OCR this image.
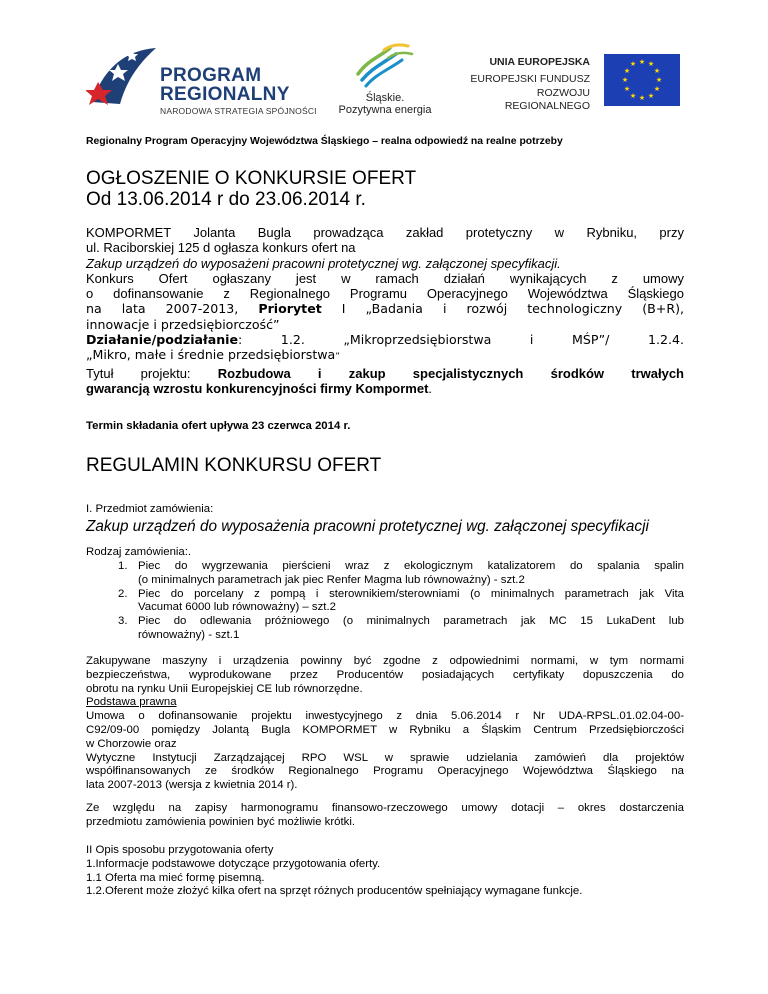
PROGRAM
REGIONALNY
NARODOWA STRATEGIA SPÓJNOŚCI
Śląskie.
Pozytywna energia
UNIA EUROPEJSKA
EUROPEJSKI FUNDUSZ
ROZWOJU REGIONALNEGO
★ ★
★
★
★
★
★
★
★
★
★
★
Regionalny Program Operacyjny Województwa Śląskiego – realna odpowiedź na realne potrzeby
OGŁOSZENIE O KONKURSIE OFERT
Od 13.06.2014 r do 23.06.2014 r.
KOMPORMET Jolanta Bugla prowadząca zakład protetyczny w Rybniku, przy
ul. Raciborskiej 125 d ogłasza konkurs ofert na
Zakup urządzeń do wyposażeni pracowni protetycznej wg. załączonej specyfikacji.
Konkurs Ofert ogłaszany jest w ramach działań wynikających z umowy
o dofinansowanie z Regionalnego Programu Operacyjnego Województwa Śląskiego
na lata 2007-2013, Priorytet I „Badania i rozwój technologiczny (B+R),
innowacje i przedsiębiorczość”
Działanie/podziałanie: 1.2. „Mikroprzedsiębiorstwa i MŚP”/ 1.2.4.
„Mikro, małe i średnie przedsiębiorstwa”
Tytuł projektu: Rozbudowa i zakup specjalistycznych środków trwałych
gwarancją wzrostu konkurencyjności firmy Kompormet.
Termin składania ofert upływa 23 czerwca 2014 r.
REGULAMIN KONKURSU OFERT
I. Przedmiot zamówienia:
Zakup urządzeń do wyposażenia pracowni protetycznej wg. załączonej specyfikacji
Rodzaj zamówienia:.
1. Piec do wygrzewania pierścieni wraz z ekologicznym katalizatorem do spalania spalin
(o minimalnych parametrach jak piec Renfer Magma lub równoważny) - szt.2
2. Piec do porcelany z pompą i sterownikiem/sterowniami (o minimalnych parametrach jak Vita
Vacumat 6000 lub równoważny) – szt.2
3. Piec do odlewania próżniowego (o minimalnych parametrach jak MC 15 LukaDent lub
równoważny) - szt.1
Zakupywane maszyny i urządzenia powinny być zgodne z odpowiednimi normami, w tym normami
bezpieczeństwa, wyprodukowane przez Producentów posiadających certyfikaty dopuszczenia do
obrotu na rynku Unii Europejskiej CE lub równorzędne.
Podstawa prawna
Umowa o dofinansowanie projektu inwestycyjnego z dnia 5.06.2014 r Nr UDA-RPSL.01.02.04-00-
C92/09-00 pomiędzy Jolantą Bugla KOMPORMET w Rybniku a Śląskim Centrum Przedsiębiorczości
w Chorzowie oraz
Wytyczne Instytucji Zarządzającej RPO WSL w sprawie udzielania zamówień dla projektów
współfinansowanych ze środków Regionalnego Programu Operacyjnego Województwa Śląskiego na
lata 2007-2013 (wersja z kwietnia 2014 r).
Ze względu na zapisy harmonogramu finansowo-rzeczowego umowy dotacji – okres dostarczenia
przedmiotu zamówienia powinien być możliwie krótki.
II Opis sposobu przygotowania oferty
1.Informacje podstawowe dotyczące przygotowania oferty.
1.1 Oferta ma mieć formę pisemną.
1.2.Oferent może złożyć kilka ofert na sprzęt różnych producentów spełniający wymagane funkcje.
